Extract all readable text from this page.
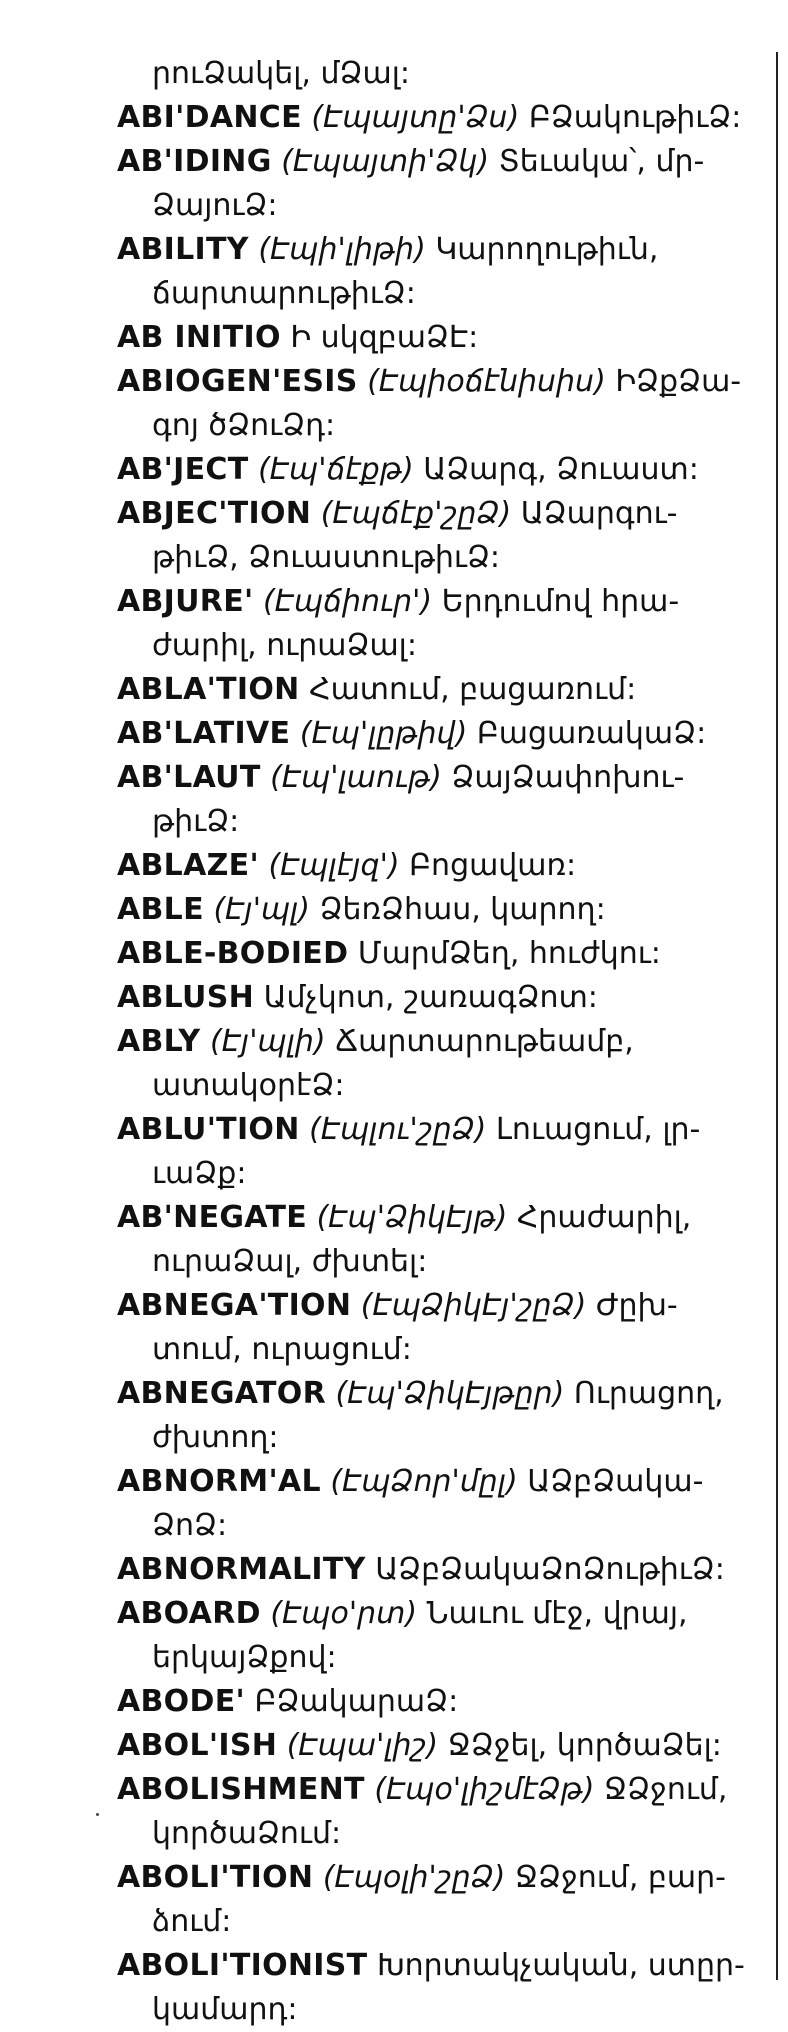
րուՁակել, մՁալ:
ABI'DANCE (Էպայտը'Ձս) ԲՁակութիւՁ:
AB'IDING (Էպայտի'Ձկ) Տեւակա՝, մր-
ՁայուՁ:
ABILITY (Էպի'լիթի) Կարողութիւն,
ճարտարութիւՁ:
AB INITIO Ի սկզբաՁԷ:
ABIOGEN'ESIS (Էպիօճէնիսիս) ԻՁքՁա-
գոյ ծՁուՁդ:
AB'JECT (Էպ'ճէքթ) ԱՁարգ, Ձուաստ:
ABJEC'TION (Էպճէք'շըՁ) ԱՁարգու-
թիւՁ, ՁուաստութիւՁ:
ABJURE' (Էպճիուր') Երդումով հրա-
ժարիլ, ուրաՁալ:
ABLA'TION Հատում, բացառում:
AB'LATIVE (Էպ'լըթիվ) ԲացառակաՁ:
AB'LAUT (Էպ'լաութ) ՁայՁափոխու-
թիւՁ:
ABLAZE' (Էպլէյզ') Բոցավառ:
ABLE (Էյ'պլ) ՁեռՁհաս, կարող:
ABLE-BODIED ՄարմՁեղ, հուժկու:
ABLUSH Ամչկոտ, շառագՁոտ:
ABLY (Էյ'պլի) Ճարտարութեամբ,
ատակօրէՁ:
ABLU'TION (Էպլու'շըՁ) Լուացում, լր-
ւաՁք:
AB'NEGATE (Էպ'ՁիկԷյթ) Հրաժարիլ,
ուրաՁալ, ժխտել:
ABNEGA'TION (ԷպՁիկԷյ'շըՁ) Ժըխ-
տում, ուրացում:
ABNEGATOR (Էպ'ՁիկԷյթըր) Ուրացող,
ժխտող:
ABNORM'AL (ԷպՁոր'մըլ) ԱՁբՁակա-
ՁոՁ:
ABNORMALITY ԱՁբՁակաՁոՁութիւՁ:
ABOARD (Էպօ'րտ) Նաւու մէջ, վրայ,
երկայՁքով:
ABODE' ԲՁակարաՁ:
ABOL'ISH (Էպա'լիշ) ՋՁջել, կործաՁել:
ABOLISHMENT (Էպօ'լիշմէՁթ) ՋՁջում,
կործաՁում:
ABOLI'TION (Էպօլի'շըՁ) ՋՁջում, բար-
ձում:
ABOLI'TIONIST Խորտակչական, ստըր-
կամարդ:
